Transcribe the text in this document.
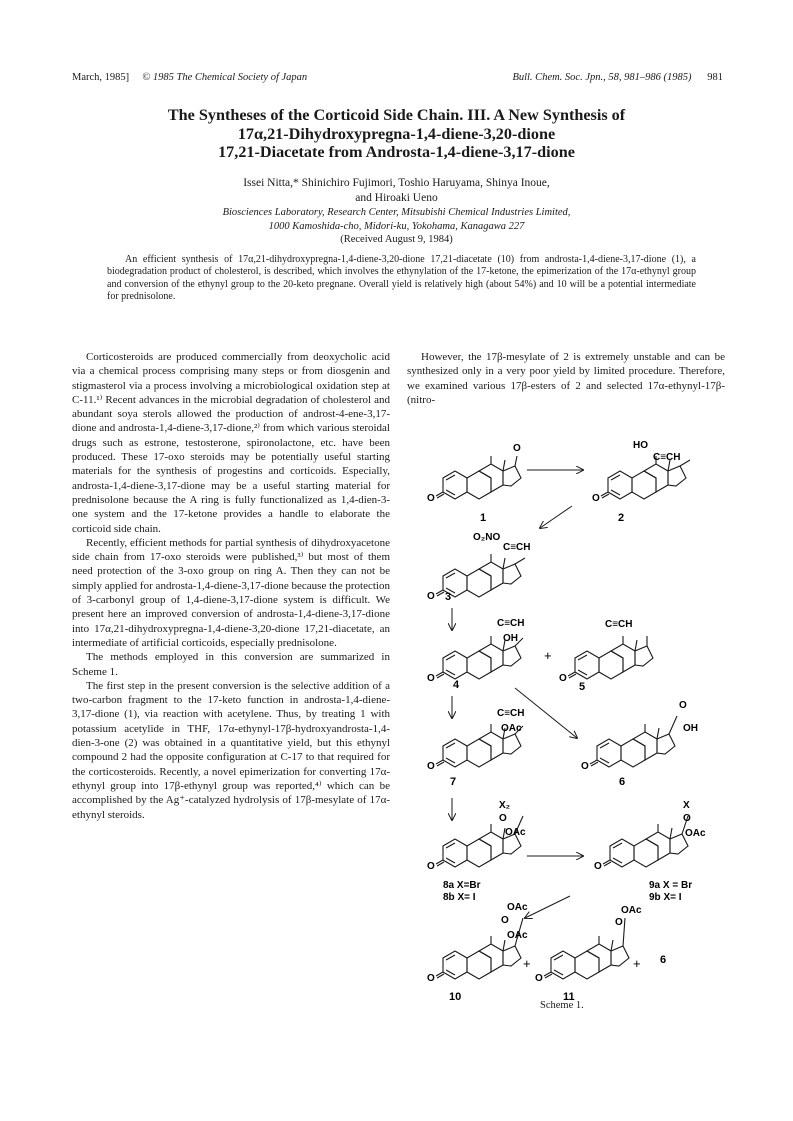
March, 1985] © 1985 The Chemical Society of Japan	Bull. Chem. Soc. Jpn., 58, 981–986 (1985) 981
The Syntheses of the Corticoid Side Chain. III. A New Synthesis of
17α,21-Dihydroxypregna-1,4-diene-3,20-dione
17,21-Diacetate from Androsta-1,4-diene-3,17-dione
Issei Nitta,* Shinichiro Fujimori, Toshio Haruyama, Shinya Inoue,
and Hiroaki Ueno
Biosciences Laboratory, Research Center, Mitsubishi Chemical Industries Limited,
1000 Kamoshida-cho, Midori-ku, Yokohama, Kanagawa 227
(Received August 9, 1984)
An efficient synthesis of 17α,21-dihydroxypregna-1,4-diene-3,20-dione 17,21-diacetate (10) from androsta-1,4-diene-3,17-dione (1), a biodegradation product of cholesterol, is described, which involves the ethynylation of the 17-ketone, the epimerization of the 17α-ethynyl group and conversion of the ethynyl group to the 20-keto pregnane. Overall yield is relatively high (about 54%) and 10 will be a potential intermediate for prednisolone.

Corticosteroids are produced commercially from deoxycholic acid via a chemical process comprising many steps or from diosgenin and stigmasterol via a process involving a microbiological oxidation step at C-11.¹⁾ Recent advances in the microbial degradation of cholesterol and abundant soya sterols allowed the production of androst-4-ene-3,17-dione and androsta-1,4-diene-3,17-dione,²⁾ from which various steroidal drugs such as estrone, testosterone, spironolactone, etc. have been produced. These 17-oxo steroids may be potentially useful starting materials for the synthesis of progestins and corticoids. Especially, androsta-1,4-diene-3,17-dione may be a useful starting material for prednisolone because the A ring is fully functionalized as 1,4-dien-3-one system and the 17-ketone provides a handle to elaborate the corticoid side chain.

Recently, efficient methods for partial synthesis of dihydroxyacetone side chain from 17-oxo steroids were published,³⁾ but most of them need protection of the 3-oxo group on ring A. Then they can not be simply applied for androsta-1,4-diene-3,17-dione because the protection of 3-carbonyl group of 1,4-diene-3,17-dione system is difficult. We present here an improved conversion of androsta-1,4-diene-3,17-dione into 17α,21-dihydroxypregna-1,4-diene-3,20-dione 17,21-diacetate, an intermediate of artificial corticoids, especially prednisolone.

The methods employed in this conversion are summarized in Scheme 1.

The first step in the present conversion is the selective addition of a two-carbon fragment to the 17-keto function in androsta-1,4-diene-3,17-dione (1), via reaction with acetylene. Thus, by treating 1 with potassium acetylide in THF, 17α-ethynyl-17β-hydroxyandrosta-1,4-dien-3-one (2) was obtained in a quantitative yield, but this ethynyl compound 2 had the opposite configuration at C-17 to that required for the corticosteroids. Recently, a novel epimerization for converting 17α-ethynyl group into 17β-ethynyl group was reported,⁴⁾ which can be accomplished by the Ag⁺-catalyzed hydrolysis of 17β-mesylate of 17α-ethynyl steroids.

However, the 17β-mesylate of 2 is extremely unstable and can be synthesized only in a very poor yield by limited procedure. Therefore, we examined various 17β-esters of 2 and selected 17α-ethynyl-17β-(nitro-

O
O
1
O
HO
C≡CH
2
O
O₂NO
C≡CH
3
O
C≡CH
OH
4
+
O
C≡CH
5
O
C≡CH
OAc
7
O
O
OH
6
O
X₂
O
OAc
8a X=Br
8b X= I
O
X
O
OAc
9a X = Br
9b X= I
O
OAc
O
OAc
10
+
O
OAc
O
11
+ 6
Scheme 1.
